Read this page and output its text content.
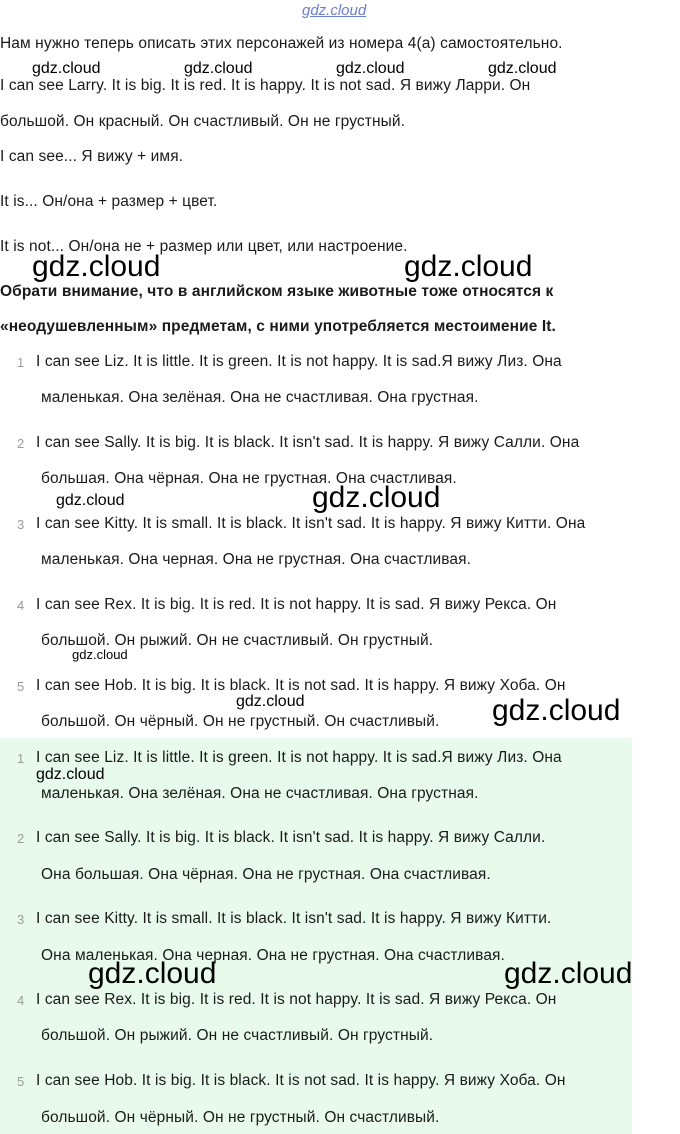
gdz.cloud
Нам нужно теперь описать этих персонажей из номера 4(а) самостоятельно.
I can see Larry. It is big. It is red. It is happy. It is not sad. Я вижу Ларри. Он
большой. Он красный. Он счастливый. Он не грустный.
I can see... Я вижу + имя.
It is... Он/она + размер + цвет.
It is not... Он/она не + размер или цвет, или настроение.
Обрати внимание, что в английском языке животные тоже относятся к
«неодушевленным» предметам, с ними употребляется местоимение It.
1 I can see Liz. It is little. It is green. It is not happy. It is sad.Я вижу Лиз. Она
маленькая. Она зелёная. Она не счастливая. Она грустная.
2 I can see Sally. It is big. It is black. It isn't sad. It is happy. Я вижу Салли. Она
большая. Она чёрная. Она не грустная. Она счастливая.
3 I can see Kitty. It is small. It is black. It isn't sad. It is happy. Я вижу Китти. Она
маленькая. Она черная. Она не грустная. Она счастливая.
4 I can see Rex. It is big. It is red. It is not happy. It is sad. Я вижу Рекса. Он
большой. Он рыжий. Он не счастливый. Он грустный.
5 I can see Hob. It is big. It is black. It is not sad. It is happy. Я вижу Хоба. Он
большой. Он чёрный. Он не грустный. Он счастливый.
1 I can see Liz. It is little. It is green. It is not happy. It is sad.Я вижу Лиз. Она
маленькая. Она зелёная. Она не счастливая. Она грустная.
2 I can see Sally. It is big. It is black. It isn't sad. It is happy. Я вижу Салли.
Она большая. Она чёрная. Она не грустная. Она счастливая.
3 I can see Kitty. It is small. It is black. It isn't sad. It is happy. Я вижу Китти.
Она маленькая. Она черная. Она не грустная. Она счастливая.
4 I can see Rex. It is big. It is red. It is not happy. It is sad. Я вижу Рекса. Он
большой. Он рыжий. Он не счастливый. Он грустный.
5 I can see Hob. It is big. It is black. It is not sad. It is happy. Я вижу Хоба. Он
большой. Он чёрный. Он не грустный. Он счастливый.
gdz.cloud	gdz.cloud	gdz.cloud	gdz.cloud
gdz.cloud	gdz.cloud
gdz.cloud	gdz.cloud
gdz.cloud
gdz.cloud	gdz.cloud
gdz.cloud
gdz.cloud	gdz.cloud
